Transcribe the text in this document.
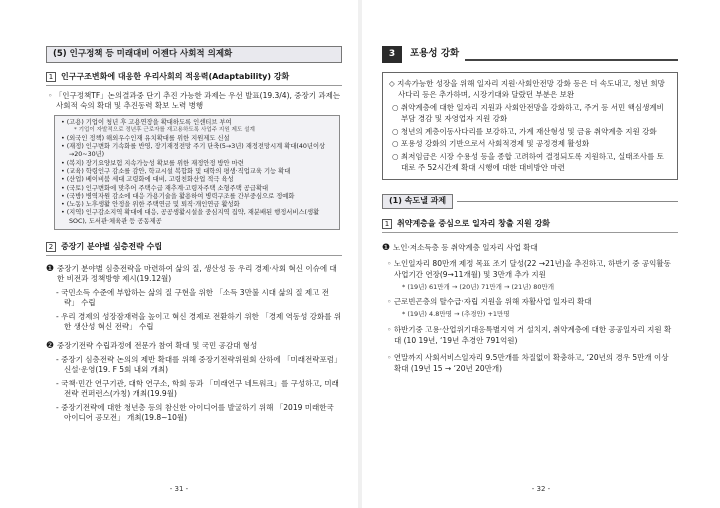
(5) 인구정책 등 미래대비 어젠다 사회적 의제화
1 인구구조변화에 대응한 우리사회의 적응력(Adaptability) 강화
◦ 「인구정책TF」논의결과중 단기 추진 가능한 과제는 우선 발표(19.3/4), 중장기 과제는 사회적 숙의 확대 및 추진동력 확보 노력 병행
• (고용) 기업이 청년 후 고용연장을 확대하도록 인센티브 부여
* 기업이 자발적으로 정년후 근로자를 재고용하도록 사업주 지원 제도 설계
• (외국인 정책) 해외우수인재 유치확대를 위한 지원제도 신설
• (재정) 인구변화 기속화를 반영, 장기재정전망 주기 단축(5→3년) 재정전망시계 확대(40년이상→20~30년)
• (복지) 장기요양보험 지속가능성 확보를 위한 재정안정 방안 마련
• (교육) 학령인구 감소를 감안, 학교시설 복합화 및 대학의 평생·직업교육 기능 확대
• (산업) 베이비붐 세대 고령화에 대비, 고령친화산업 적극 육성
• (국토) 인구변화에 맞추어 주택수급 재추계·고령자주택 소형주택 공급확대
• (국방) 병역자원 감소에 대응 가용기술을 활용하여 병력구조를 간부중심으로 정예화
• (노동) 노후생활 안정을 위한 주택연금 및 퇴직·개인연금 활성화
• (지역) 인구감소지역 확대에 대응, 공공생활시설을 중심지역 집약, 재분배된 행정서비스(생활SOC), 도서관·체육관 등 공동제공
2 중장기 분야별 심층전략 수립
❶ 중장기 분야별 심층전략을 마련하여 삶의 질, 생산성 등 우리 경제·사회 혁신 이슈에 대한 비전과 정책방향 제시(19.12월)
- 국민소득 수준에 부합하는 삶의 질 구현을 위한 「소득 3만불 시대 삶의 질 제고 전략」 수립
- 우리 경제의 성장잠재력을 높이고 혁신 경제로 전환하기 위한 「경제 역동성 강화를 위한 생산성 혁신 전략」 수립
❷ 중장기전략 수립과정에 전문가 참여 확대 및 국민 공감대 형성
- 중장기 심층전략 논의의 제반 확대를 위해 중장기전략위원회 산하에 「미래전략포럼」 신설·운영(19. F 5회 내외 개최)
- 국책·민간 연구기관, 대학 연구소, 학회 등과 「미래연구 네트워크」를 구성하고, 미래전략 컨퍼런스(가칭) 개최(19.9월)
- 중장기전략에 대한 청년층 등의 참신한 아이디어를 발굴하기 위해 「2019 미래한국 아이디어 공모전」 개최(19.8~10월)
- 31 -
3	포용성 강화
◇ 지속가능한 성장을 위해 일자리 지원·사회안전망 강화 등은 더 속도내고, 청년 희망사다리 등은 추가하며, 시장기대와 달랐던 부분은 보완
○ 취약계층에 대한 일자리 지원과 사회안전망을 강화하고, 주거 등 서민 핵심생계비 부담 경감 및 자영업자 지원 강화
○ 청년의 계층이동사다리를 보강하고, 가계 재산형성 및 금융 취약계층 지원 강화
○ 포용성 강화의 기반으로서 사회적경제 및 공정경제 활성화
○ 최저임금은 시장 수용성 등을 종합 고려하여 결정되도록 지원하고, 실태조사를 토대로 주 52시간제 확대 시행에 대한 대비방안 마련
(1) 속도낼 과제
1 취약계층을 중심으로 일자리 창출 지원 강화
❶ 노인·저소득층 등 취약계층 일자리 사업 확대
◦ 노인일자리 80만개 제정 목표 조기 달성(22 →21년)을 추진하고, 하반기 중 공익활동 사업기간 연장(9→11개월) 및 3만개 추가 지원
* (19년) 61만개 → (20년) 71만개 → (21년) 80만개
◦ 근로빈곤층의 탈수급·자립 지원을 위해 자활사업 일자리 확대
* (19년) 4.8만명 → (추경안) +1만명
◦ 하반기중 고용·산업위기대응특별지역 거 설치지, 취약계층에 대한 공공일자리 지원 확대 (10 19년, ‘19년 추경안 791억원)
◦ 연말까지 사회서비스일자리 9.5만개를 차질없이 확충하고, ‘20년의 경우 5만개 이상 확대 (19년 15 → ‘20년 20만개)
- 32 -
